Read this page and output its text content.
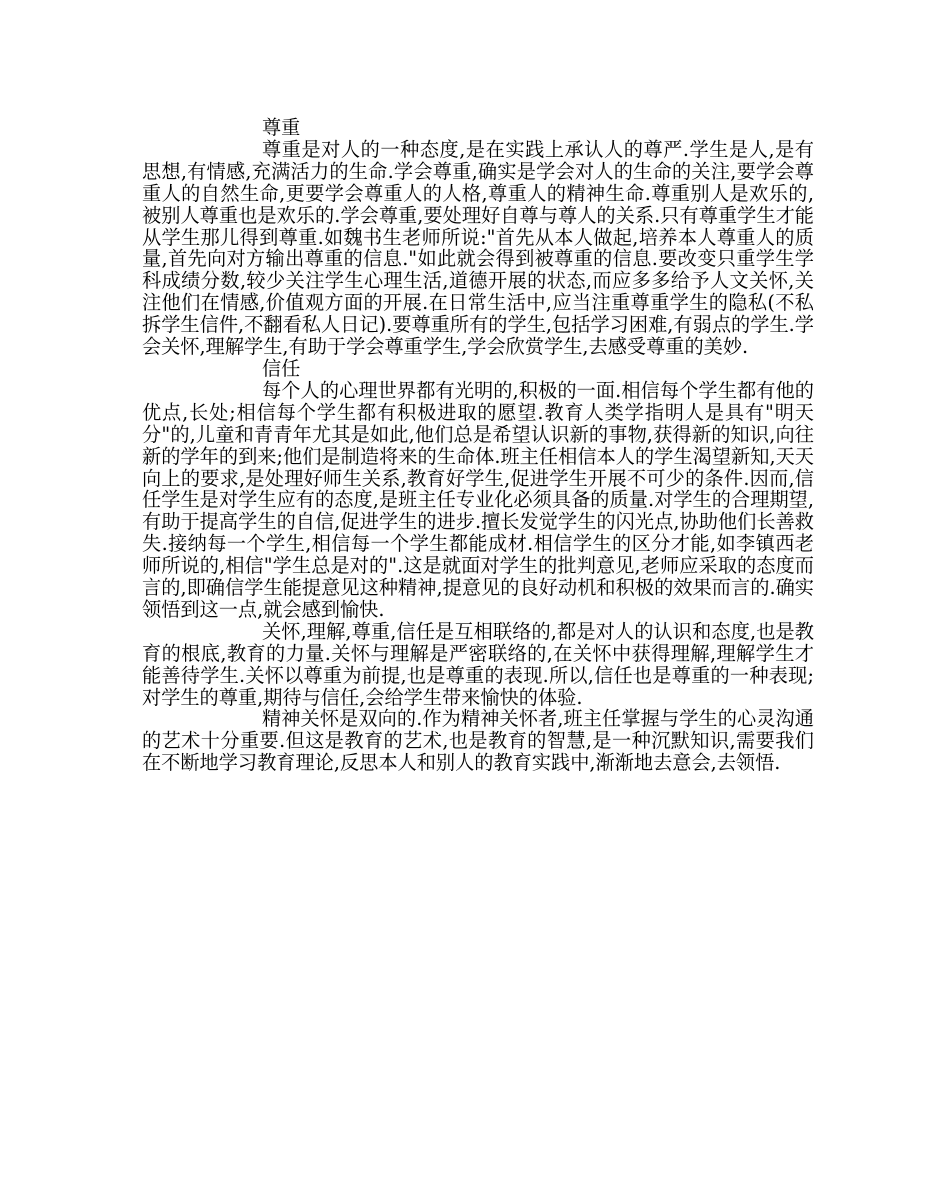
尊重

尊重是对人的一种态度,是在实践上承认人的尊严.学生是人,是有思想,有情感,充满活力的生命.学会尊重,确实是学会对人的生命的关注,要学会尊重人的自然生命,更要学会尊重人的人格,尊重人的精神生命.尊重别人是欢乐的,被别人尊重也是欢乐的.学会尊重,要处理好自尊与尊人的关系.只有尊重学生才能从学生那儿得到尊重.如魏书生老师所说:"首先从本人做起,培养本人尊重人的质量,首先向对方输出尊重的信息."如此就会得到被尊重的信息.要改变只重学生学科成绩分数,较少关注学生心理生活,道德开展的状态,而应多多给予人文关怀,关注他们在情感,价值观方面的开展.在日常生活中,应当注重尊重学生的隐私(不私拆学生信件,不翻看私人日记).要尊重所有的学生,包括学习困难,有弱点的学生.学会关怀,理解学生,有助于学会尊重学生,学会欣赏学生,去感受尊重的美妙.

信任

每个人的心理世界都有光明的,积极的一面.相信每个学生都有他的优点,长处;相信每个学生都有积极进取的愿望.教育人类学指明人是具有"明天分"的,儿童和青青年尤其是如此,他们总是希望认识新的事物,获得新的知识,向往新的学年的到来;他们是制造将来的生命体.班主任相信本人的学生渴望新知,天天向上的要求,是处理好师生关系,教育好学生,促进学生开展不可少的条件.因而,信任学生是对学生应有的态度,是班主任专业化必须具备的质量.对学生的合理期望,有助于提高学生的自信,促进学生的进步.擅长发觉学生的闪光点,协助他们长善救失.接纳每一个学生,相信每一个学生都能成材.相信学生的区分才能,如李镇西老师所说的,相信"学生总是对的".这是就面对学生的批判意见,老师应采取的态度而言的,即确信学生能提意见这种精神,提意见的良好动机和积极的效果而言的.确实领悟到这一点,就会感到愉快.

关怀,理解,尊重,信任是互相联络的,都是对人的认识和态度,也是教育的根底,教育的力量.关怀与理解是严密联络的,在关怀中获得理解,理解学生才能善待学生.关怀以尊重为前提,也是尊重的表现.所以,信任也是尊重的一种表现;对学生的尊重,期待与信任,会给学生带来愉快的体验.

精神关怀是双向的.作为精神关怀者,班主任掌握与学生的心灵沟通的艺术十分重要.但这是教育的艺术,也是教育的智慧,是一种沉默知识,需要我们在不断地学习教育理论,反思本人和别人的教育实践中,渐渐地去意会,去领悟.
